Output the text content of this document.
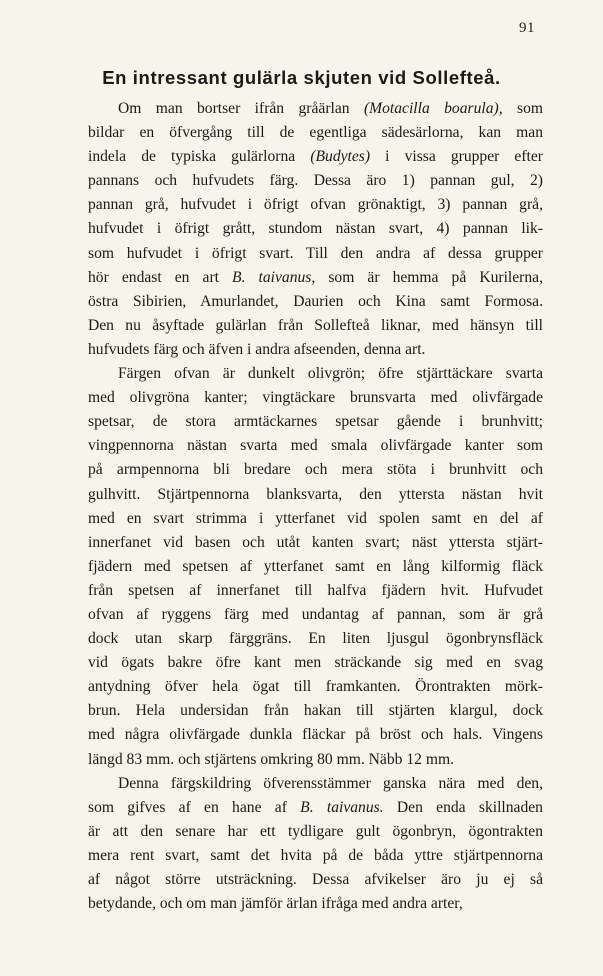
91
En intressant gulärla skjuten vid Sollefteå.
Om man bortser ifrån gråärlan (Motacilla boarula), som
bildar en öfvergång till de egentliga sädesärlorna, kan man
indela de typiska gulärlorna (Budytes) i vissa grupper efter
pannans och hufvudets färg. Dessa äro 1) pannan gul, 2)
pannan grå, hufvudet i öfrigt ofvan grönaktigt, 3) pannan grå,
hufvudet i öfrigt grått, stundom nästan svart, 4) pannan lik-
som hufvudet i öfrigt svart. Till den andra af dessa grupper
hör endast en art B. taivanus, som är hemma på Kurilerna,
östra Sibirien, Amurlandet, Daurien och Kina samt Formosa.
Den nu åsyftade gulärlan från Sollefteå liknar, med hänsyn till
hufvudets färg och äfven i andra afseenden, denna art.
Färgen ofvan är dunkelt olivgrön; öfre stjärttäckare svarta
med olivgröna kanter; vingtäckare brunsvarta med olivfärgade
spetsar, de stora armtäckarnes spetsar gående i brunhvitt;
vingpennorna nästan svarta med smala olivfärgade kanter som
på armpennorna bli bredare och mera stöta i brunhvitt och
gulhvitt. Stjärtpennorna blanksvarta, den yttersta nästan hvit
med en svart strimma i ytterfanet vid spolen samt en del af
innerfanet vid basen och utåt kanten svart; näst yttersta stjärt-
fjädern med spetsen af ytterfanet samt en lång kilformig fläck
från spetsen af innerfanet till halfva fjädern hvit. Hufvudet
ofvan af ryggens färg med undantag af pannan, som är grå
dock utan skarp färggräns. En liten ljusgul ögonbrynsfläck
vid ögats bakre öfre kant men sträckande sig med en svag
antydning öfver hela ögat till framkanten. Örontrakten mörk-
brun. Hela undersidan från hakan till stjärten klargul, dock
med några olivfärgade dunkla fläckar på bröst och hals. Vingens
längd 83 mm. och stjärtens omkring 80 mm. Näbb 12 mm.
Denna färgskildring öfverensstämmer ganska nära med den,
som gifves af en hane af B. taivanus. Den enda skillnaden
är att den senare har ett tydligare gult ögonbryn, ögontrakten
mera rent svart, samt det hvita på de båda yttre stjärtpennorna
af något större utsträckning. Dessa afvikelser äro ju ej så
betydande, och om man jämför ärlan ifråga med andra arter,
